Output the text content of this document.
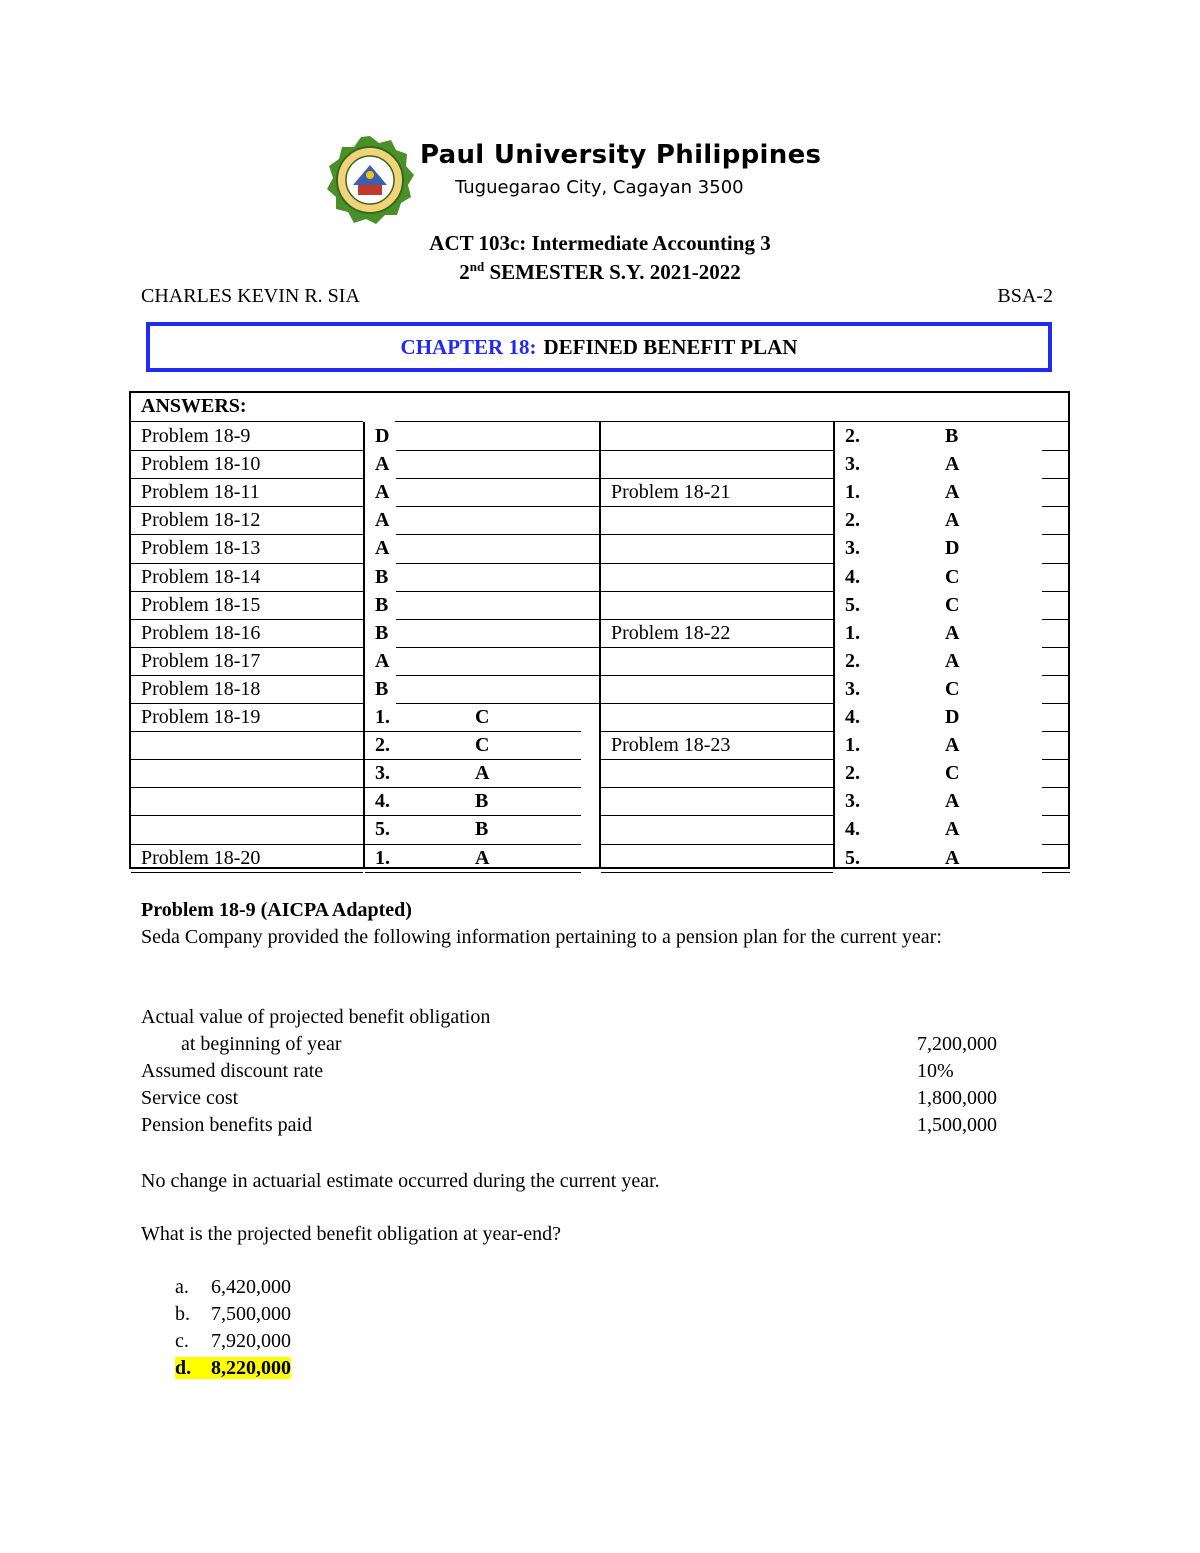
Paul University Philippines
Tuguegarao City, Cagayan 3500
ACT 103c: Intermediate Accounting 3
2nd SEMESTER S.Y. 2021-2022
CHARLES KEVIN R. SIA	BSA-2
CHAPTER 18: DEFINED BENEFIT PLAN
ANSWERS:
Problem 18-9	D
Problem 18-10	A
Problem 18-11	A
Problem 18-12	A
Problem 18-13	A
Problem 18-14	B
Problem 18-15	B
Problem 18-16	B
Problem 18-17	A
Problem 18-18	B
Problem 18-19	1.	C
2.	C
3.	A
4.	B
5.	B
Problem 18-20	1.	A
2.	B
3.	A
Problem 18-21	1.	A
2.	A
3.	D
4.	C
5.	C
Problem 18-22	1.	A
2.	A
3.	C
4.	D
Problem 18-23	1.	A
2.	C
3.	A
4.	A
5.	A
Problem 18-9 (AICPA Adapted)
Seda Company provided the following information pertaining to a pension plan for the current year:
Actual value of projected benefit obligation
at beginning of year	7,200,000
Assumed discount rate	10%
Service cost	1,800,000
Pension benefits paid	1,500,000
No change in actuarial estimate occurred during the current year.
What is the projected benefit obligation at year-end?
a. 6,420,000
b. 7,500,000
c. 7,920,000
d. 8,220,000
